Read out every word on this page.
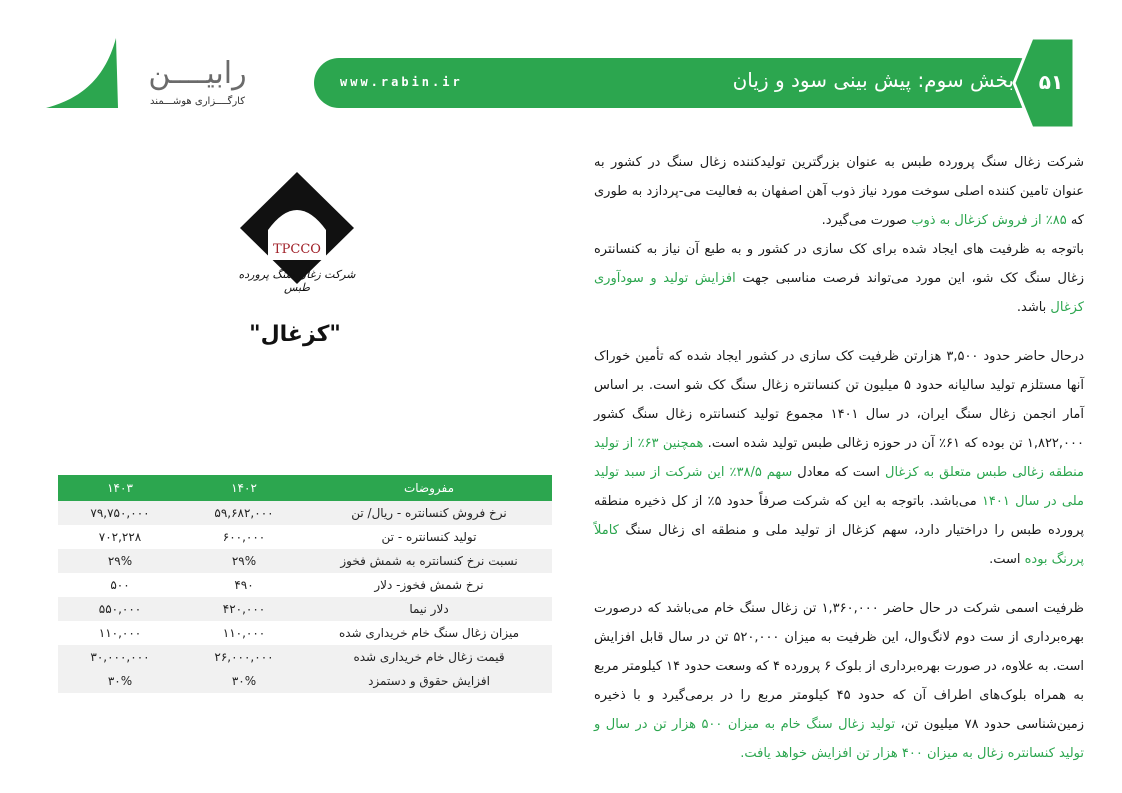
رابیــــن
کارگــــزاری هوشـــمند
www.rabin.ir	بخش سوم: پیش بینی سود و زیان	۵۱
TPCCO
شرکت زغال سنگ پرورده طبس
"کزغال"
مفروضات	۱۴۰۲	۱۴۰۳
نرخ فروش کنسانتره - ریال/ تن	۵۹,۶۸۲,۰۰۰	۷۹,۷۵۰,۰۰۰
تولید کنسانتره - تن	۶۰۰,۰۰۰	۷۰۲,۲۲۸
نسبت نرخ کنسانتره به شمش فخوز	۲۹%	۲۹%
نرخ شمش فخوز- دلار	۴۹۰	۵۰۰
دلار نیما	۴۲۰,۰۰۰	۵۵۰,۰۰۰
میزان زغال سنگ خام خریداری شده	۱۱۰,۰۰۰	۱۱۰,۰۰۰
قیمت زغال خام خریداری شده	۲۶,۰۰۰,۰۰۰	۳۰,۰۰۰,۰۰۰
افزایش حقوق و دستمزد	۳۰%	۳۰%

شرکت زغال سنگ پرورده طبس به عنوان بزرگترین تولیدکننده زغال سنگ در کشور به عنوان تامین کننده اصلی سوخت مورد نیاز ذوب آهن اصفهان به فعالیت می-پردازد به طوری که ۸۵٪ از فروش کزغال به ذوب صورت می‌گیرد.

باتوجه به ظرفیت های ایجاد شده برای کک سازی در کشور و به طبع آن نیاز به کنسانتره زغال سنگ کک شو، این مورد می‌تواند فرصت مناسبی جهت افزایش تولید و سودآوری کزغال باشد.

درحال حاضر حدود ۳,۵۰۰ هزارتن ظرفیت کک سازی در کشور ایجاد شده که تأمین خوراک آنها مستلزم تولید سالیانه حدود ۵ میلیون تن کنسانتره زغال سنگ کک شو است. بر اساس آمار انجمن زغال سنگ ایران، در سال ۱۴۰۱ مجموع تولید کنسانتره زغال سنگ کشور ۱,۸۲۲,۰۰۰ تن بوده که ۶۱٪ آن در حوزه زغالی طبس تولید شده است. همچنین ۶۳٪ از تولید منطقه زغالی طبس متعلق به کزغال است که معادل سهم ۳۸/۵٪ این شرکت از سبد تولید ملی در سال ۱۴۰۱ می‌باشد. باتوجه به این که شرکت صرفاً حدود ۵٪ از کل ذخیره منطقه پرورده طبس را دراختیار دارد، سهم کزغال از تولید ملی و منطقه ای زغال سنگ کاملاً پررنگ بوده است.

ظرفیت اسمی شرکت در حال حاضر ۱,۳۶۰,۰۰۰ تن زغال سنگ خام می‌باشد که درصورت بهره‌برداری از ست دوم لانگ‌وال، این ظرفیت به میزان ۵۲۰,۰۰۰ تن در سال قابل افزایش است. به علاوه، در صورت بهره‌برداری از بلوک ۶ پرورده ۴ که وسعت حدود ۱۴ کیلومتر مربع به همراه بلوک‌های اطراف آن که حدود ۴۵ کیلومتر مربع را در برمی‌گیرد و با ذخیره زمین‌شناسی حدود ۷۸ میلیون تن، تولید زغال سنگ خام به میزان ۵۰۰ هزار تن در سال و تولید کنسانتره زغال به میزان ۴۰۰ هزار تن افزایش خواهد یافت.
